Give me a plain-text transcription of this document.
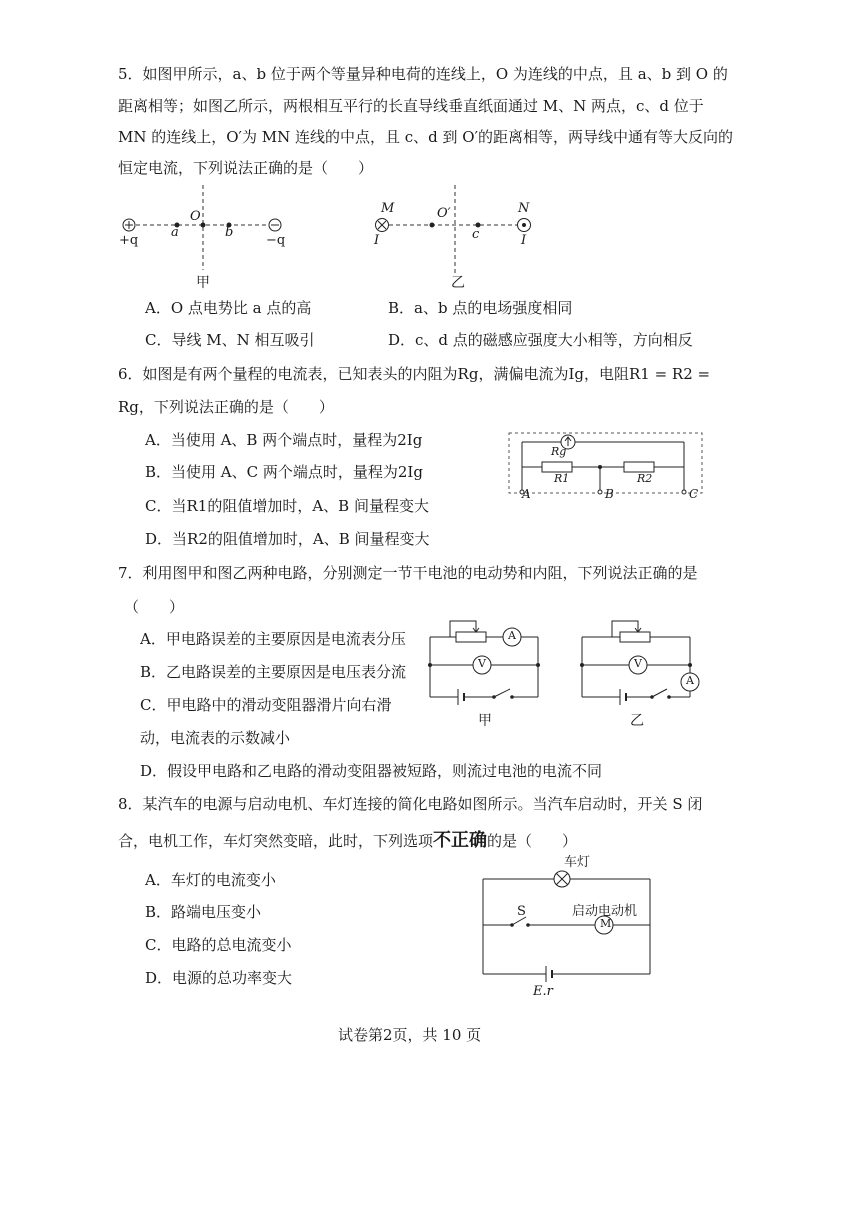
5．如图甲所示，a、b 位于两个等量异种电荷的连线上，O 为连线的中点，且 a、b 到 O 的
距离相等；如图乙所示，两根相互平行的长直导线垂直纸面通过 M、N 两点，c、d 位于
MN 的连线上，O′为 MN 连线的中点，且 c、d 到 O′的距离相等，两导线中通有等大反向的
恒定电流，下列说法正确的是（　　）
+q
a
O
b
−q
甲
M
I
O′
c
N
I
乙
A．O 点电势比 a 点的高	B．a、b 点的电场强度相同
C．导线 M、N 相互吸引	D．c、d 点的磁感应强度大小相等，方向相反
6．如图是有两个量程的电流表，已知表头的内阻为Rg，满偏电流为Ig，电阻R1 = R2 =
Rg，下列说法正确的是（　　）
A．当使用 A、B 两个端点时，量程为2Ig
B．当使用 A、C 两个端点时，量程为2Ig
C．当R1的阻值增加时，A、B 间量程变大
D．当R2的阻值增加时，A、B 间量程变大
Rg
R1	R2
A	B	C
7．利用图甲和图乙两种电路，分别测定一节干电池的电动势和内阻，下列说法正确的是
（　　）
A．甲电路误差的主要原因是电流表分压
B．乙电路误差的主要原因是电压表分流
C．甲电路中的滑动变阻器滑片向右滑
动，电流表的示数减小
D．假设甲电路和乙电路的滑动变阻器被短路，则流过电池的电流不同
A
V
甲
V
A
乙
8．某汽车的电源与启动电机、车灯连接的简化电路如图所示。当汽车启动时，开关 S 闭
合，电机工作，车灯突然变暗，此时，下列选项不正确的是（　　）
A．车灯的电流变小
B．路端电压变小
C．电路的总电流变小
D．电源的总功率变大
车灯
S	启动电动机
M
E.r
试卷第2页，共 10 页
